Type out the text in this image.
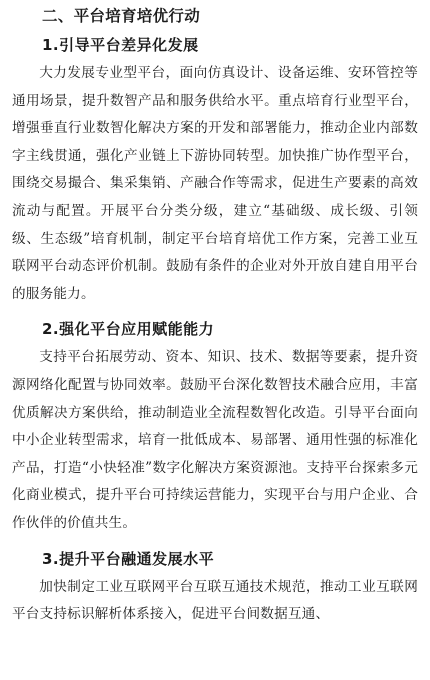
二、平台培育培优行动
1.引导平台差异化发展

大力发展专业型平台，面向仿真设计、设备运维、安环管控等通用场景，提升数智产品和服务供给水平。重点培育行业型平台，增强垂直行业数智化解决方案的开发和部署能力，推动企业内部数字主线贯通，强化产业链上下游协同转型。加快推广协作型平台，围绕交易撮合、集采集销、产融合作等需求，促进生产要素的高效流动与配置。开展平台分类分级，建立“基础级、成长级、引领级、生态级”培育机制，制定平台培育培优工作方案，完善工业互联网平台动态评价机制。鼓励有条件的企业对外开放自建自用平台的服务能力。

2.强化平台应用赋能能力

支持平台拓展劳动、资本、知识、技术、数据等要素，提升资源网络化配置与协同效率。鼓励平台深化数智技术融合应用，丰富优质解决方案供给，推动制造业全流程数智化改造。引导平台面向中小企业转型需求，培育一批低成本、易部署、通用性强的标准化产品，打造“小快轻准”数字化解决方案资源池。支持平台探索多元化商业模式，提升平台可持续运营能力，实现平台与用户企业、合作伙伴的价值共生。

3.提升平台融通发展水平

加快制定工业互联网平台互联互通技术规范，推动工业互联网平台支持标识解析体系接入，促进平台间数据互通、
